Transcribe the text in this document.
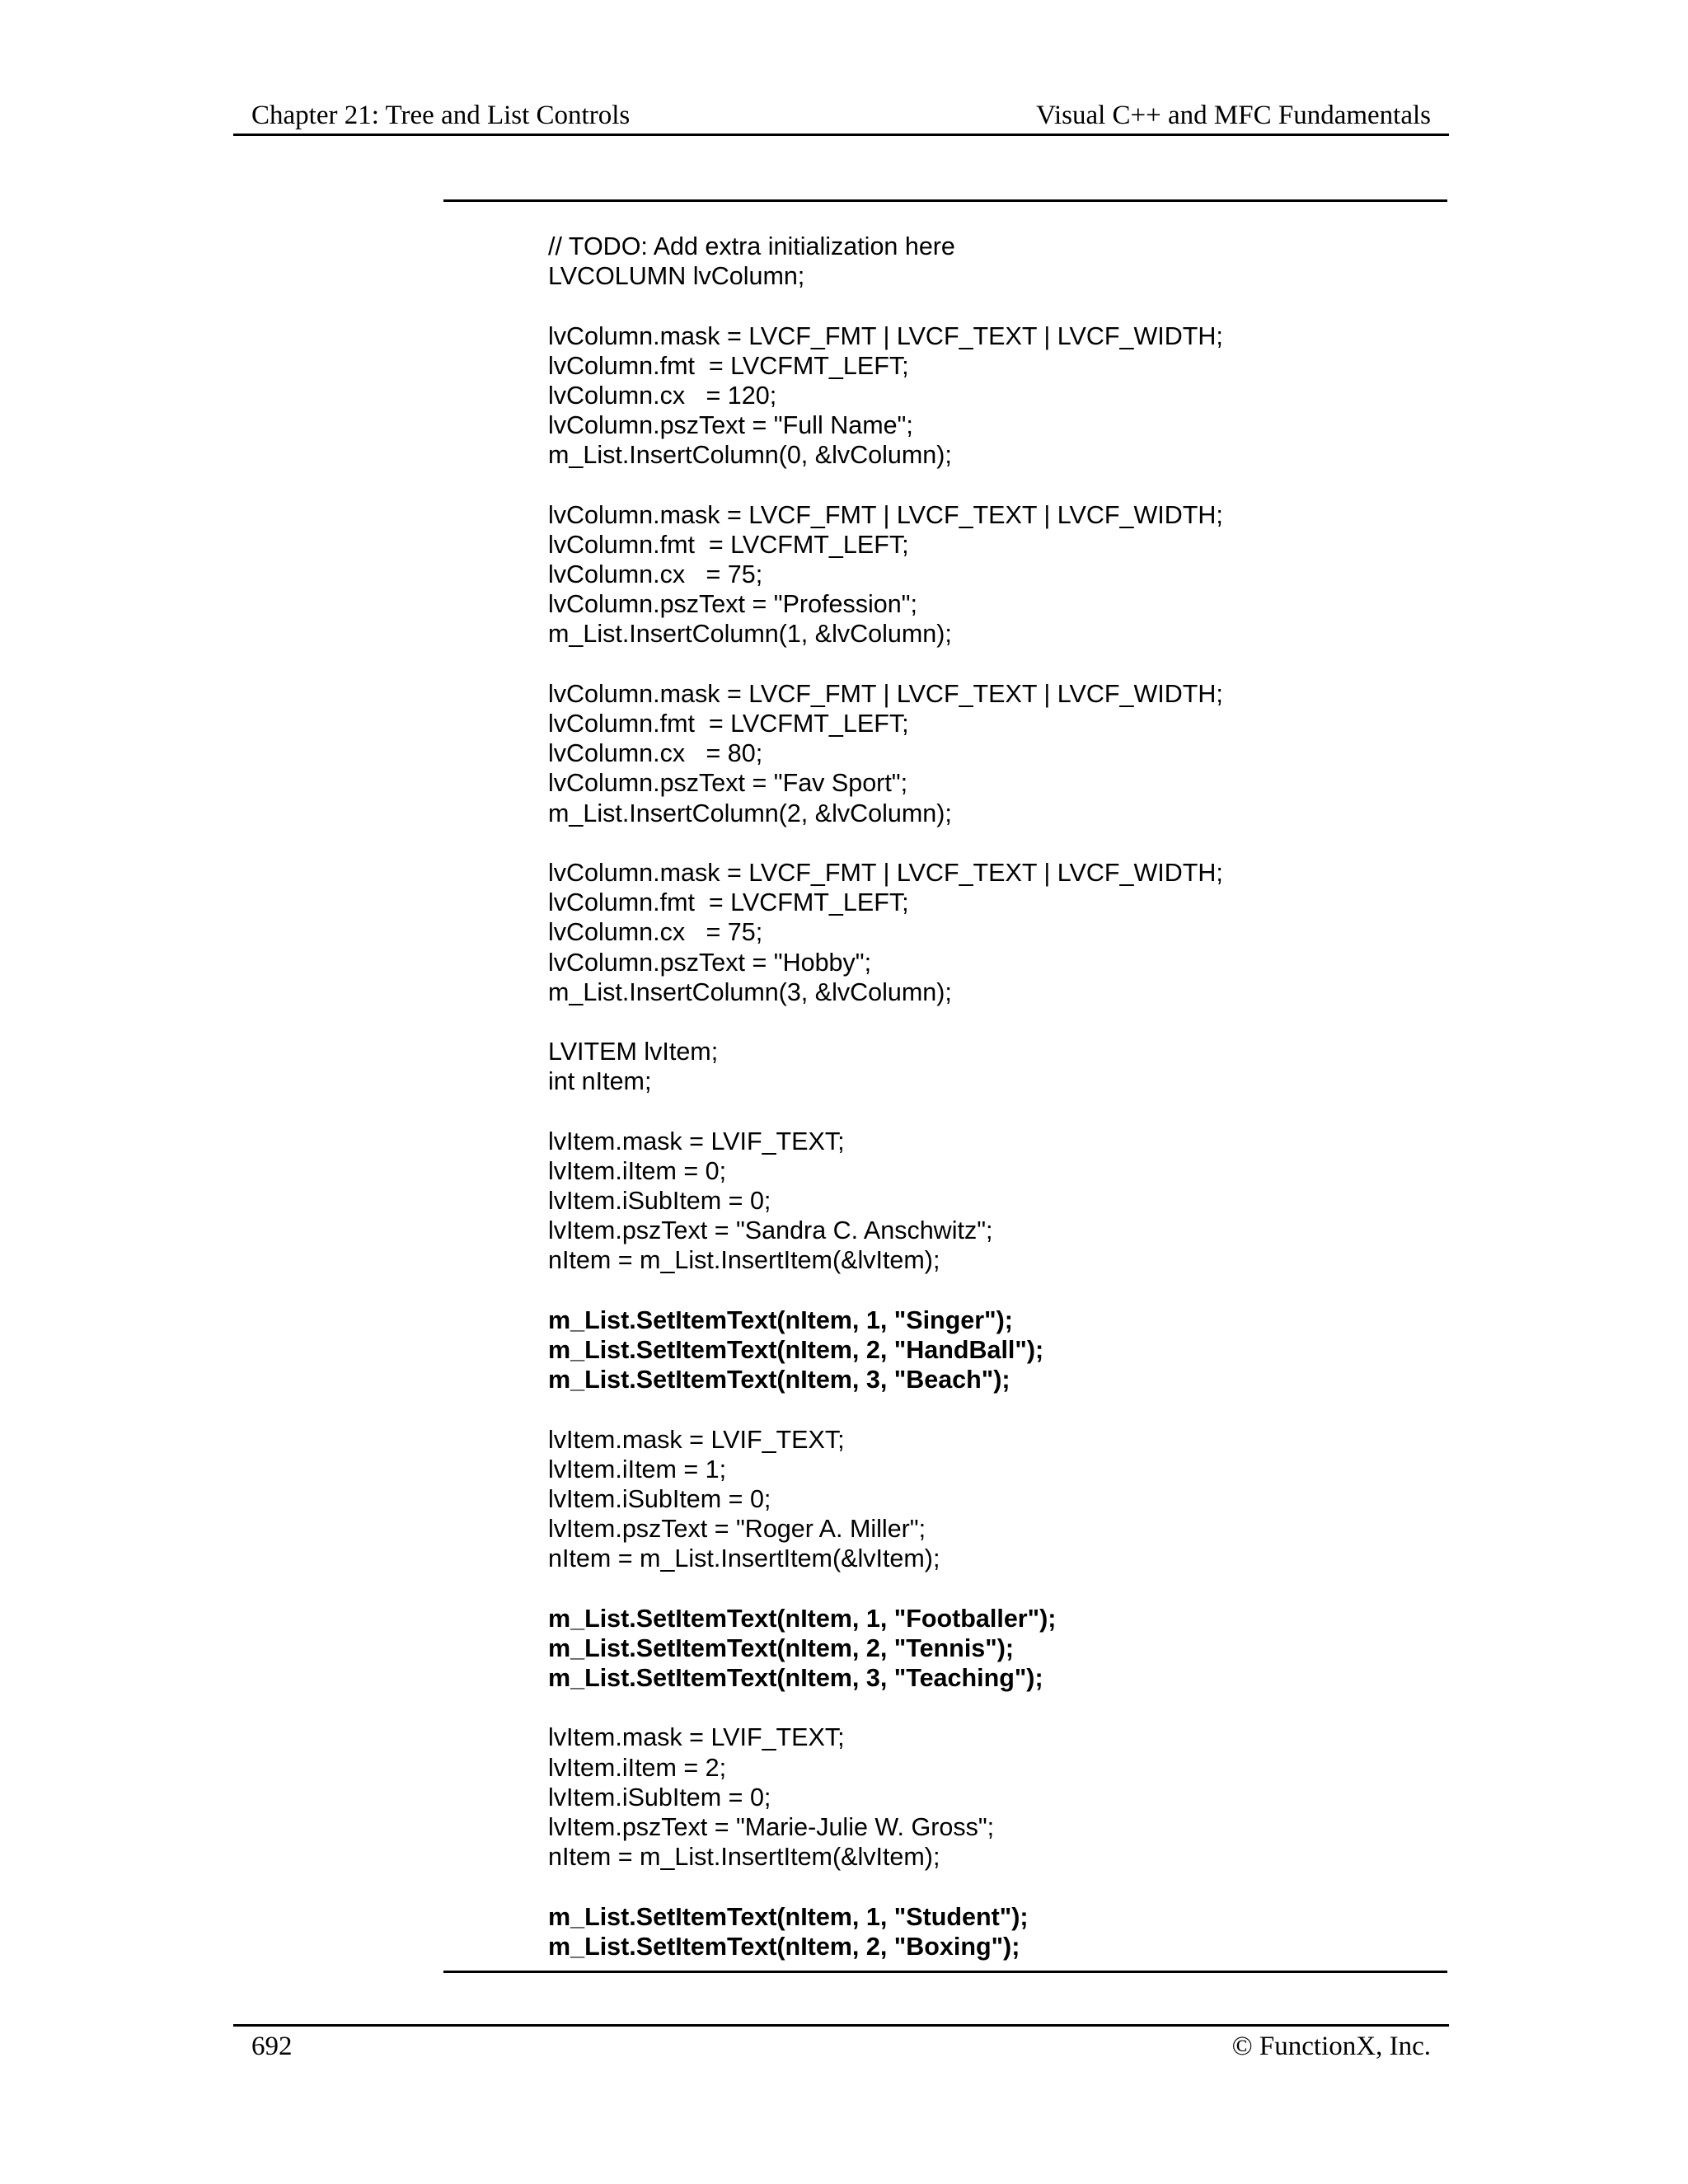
Chapter 21: Tree and List Controls	Visual C++ and MFC Fundamentals
// TODO: Add extra initialization here
LVCOLUMN lvColumn;
lvColumn.mask = LVCF_FMT | LVCF_TEXT | LVCF_WIDTH;
lvColumn.fmt  = LVCFMT_LEFT;
lvColumn.cx   = 120;
lvColumn.pszText = "Full Name";
m_List.InsertColumn(0, &lvColumn);
lvColumn.mask = LVCF_FMT | LVCF_TEXT | LVCF_WIDTH;
lvColumn.fmt  = LVCFMT_LEFT;
lvColumn.cx   = 75;
lvColumn.pszText = "Profession";
m_List.InsertColumn(1, &lvColumn);
lvColumn.mask = LVCF_FMT | LVCF_TEXT | LVCF_WIDTH;
lvColumn.fmt  = LVCFMT_LEFT;
lvColumn.cx   = 80;
lvColumn.pszText = "Fav Sport";
m_List.InsertColumn(2, &lvColumn);
lvColumn.mask = LVCF_FMT | LVCF_TEXT | LVCF_WIDTH;
lvColumn.fmt  = LVCFMT_LEFT;
lvColumn.cx   = 75;
lvColumn.pszText = "Hobby";
m_List.InsertColumn(3, &lvColumn);
LVITEM lvItem;
int nItem;
lvItem.mask = LVIF_TEXT;
lvItem.iItem = 0;
lvItem.iSubItem = 0;
lvItem.pszText = "Sandra C. Anschwitz";
nItem = m_List.InsertItem(&lvItem);
m_List.SetItemText(nItem, 1, "Singer");
m_List.SetItemText(nItem, 2, "HandBall");
m_List.SetItemText(nItem, 3, "Beach");
lvItem.mask = LVIF_TEXT;
lvItem.iItem = 1;
lvItem.iSubItem = 0;
lvItem.pszText = "Roger A. Miller";
nItem = m_List.InsertItem(&lvItem);
m_List.SetItemText(nItem, 1, "Footballer");
m_List.SetItemText(nItem, 2, "Tennis");
m_List.SetItemText(nItem, 3, "Teaching");
lvItem.mask = LVIF_TEXT;
lvItem.iItem = 2;
lvItem.iSubItem = 0;
lvItem.pszText = "Marie-Julie W. Gross";
nItem = m_List.InsertItem(&lvItem);
m_List.SetItemText(nItem, 1, "Student");
m_List.SetItemText(nItem, 2, "Boxing");
692	© FunctionX, Inc.
